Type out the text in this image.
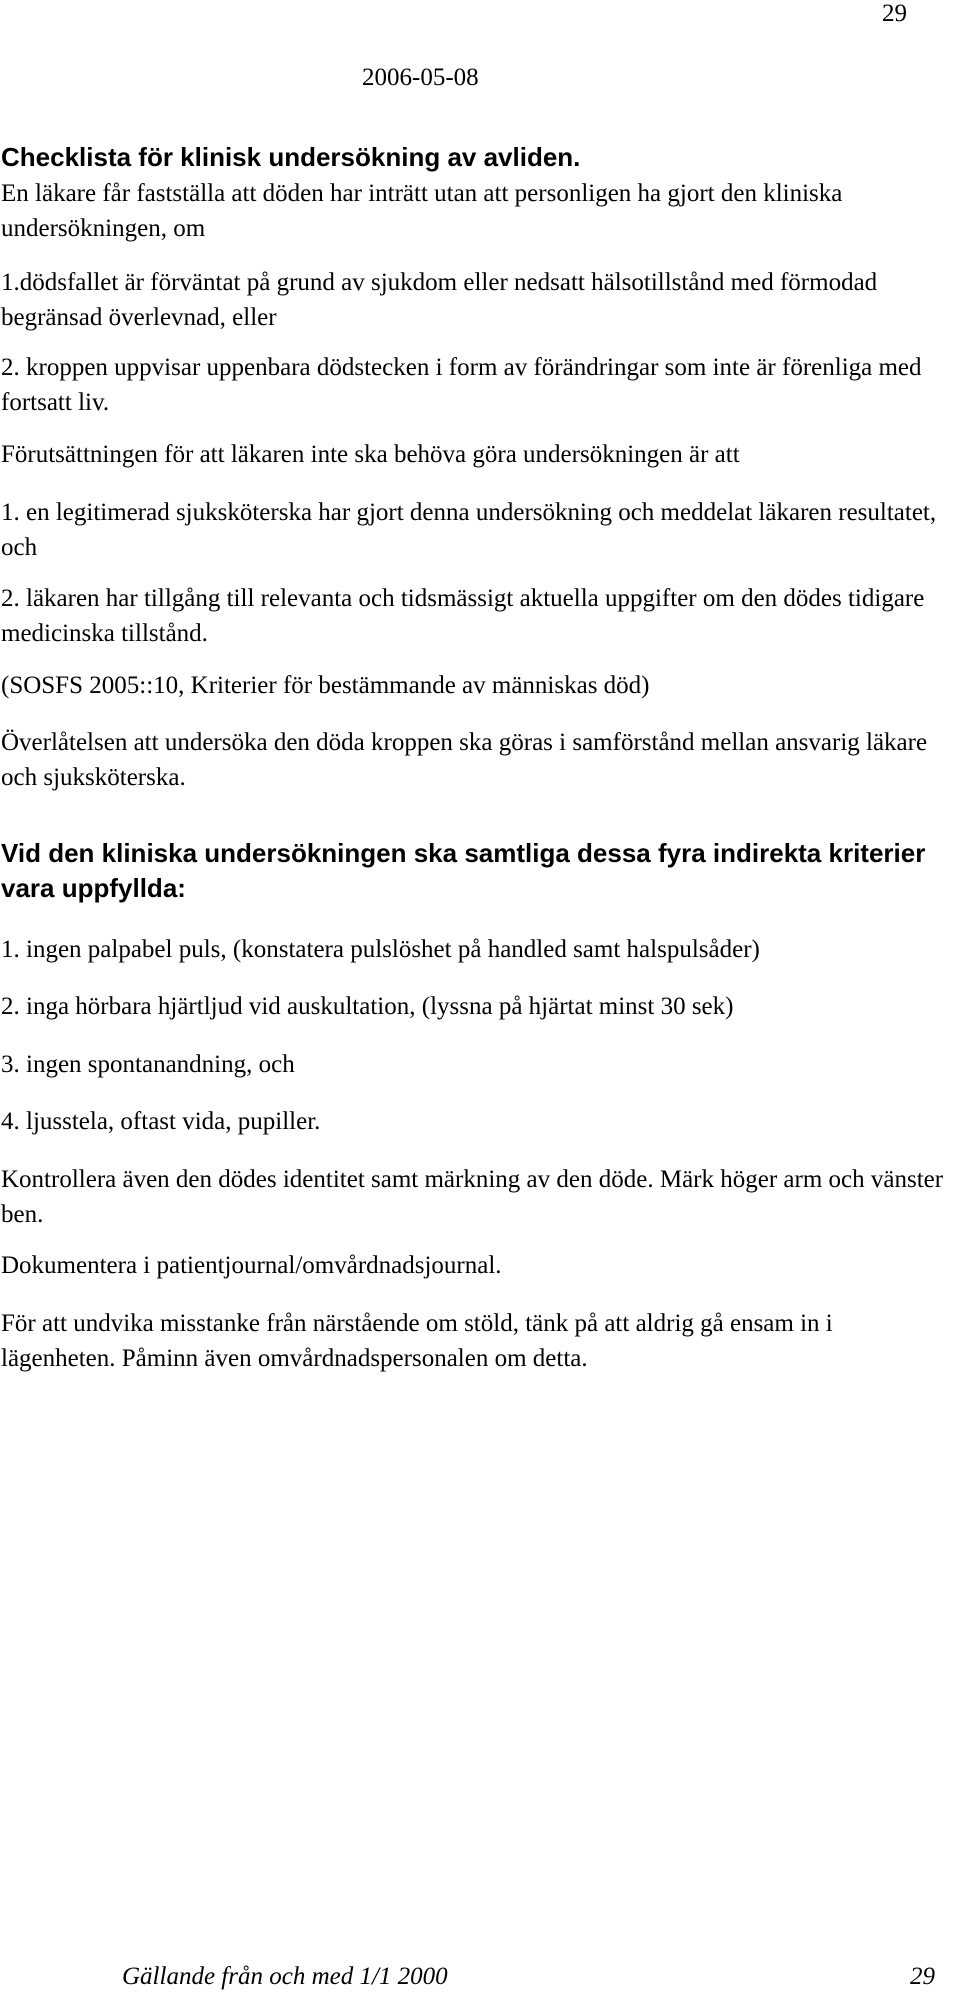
29
2006-05-08
Checklista för klinisk undersökning av avliden.
En läkare får fastställa att döden har inträtt utan att personligen ha gjort den kliniska undersökningen, om
1.dödsfallet är förväntat på grund av sjukdom eller nedsatt hälsotillstånd med förmodad begränsad överlevnad, eller
2. kroppen uppvisar uppenbara dödstecken i form av förändringar som inte är förenliga med fortsatt liv.
Förutsättningen för att läkaren inte ska behöva göra undersökningen är att
1. en legitimerad sjuksköterska har gjort denna undersökning och meddelat läkaren resultatet, och
2. läkaren har tillgång till relevanta och tidsmässigt aktuella uppgifter om den dödes tidigare medicinska tillstånd.
(SOSFS 2005::10, Kriterier för bestämmande av människas död)
Överlåtelsen att undersöka den döda kroppen ska göras i samförstånd mellan ansvarig läkare och sjuksköterska.
Vid den kliniska undersökningen ska samtliga dessa fyra indirekta kriterier vara uppfyllda:
1. ingen palpabel puls, (konstatera pulslöshet på handled samt halspulsåder)
2. inga hörbara hjärtljud vid auskultation, (lyssna på hjärtat minst 30 sek)
3. ingen spontanandning, och
4. ljusstela, oftast vida, pupiller.
Kontrollera även den dödes identitet samt märkning av den döde. Märk höger arm och vänster ben.
Dokumentera i patientjournal/omvårdnadsjournal.
För att undvika misstanke från närstående om stöld, tänk på att aldrig gå ensam in i lägenheten. Påminn även omvårdnadspersonalen om detta.
Gällande från och med 1/1 2000	29
